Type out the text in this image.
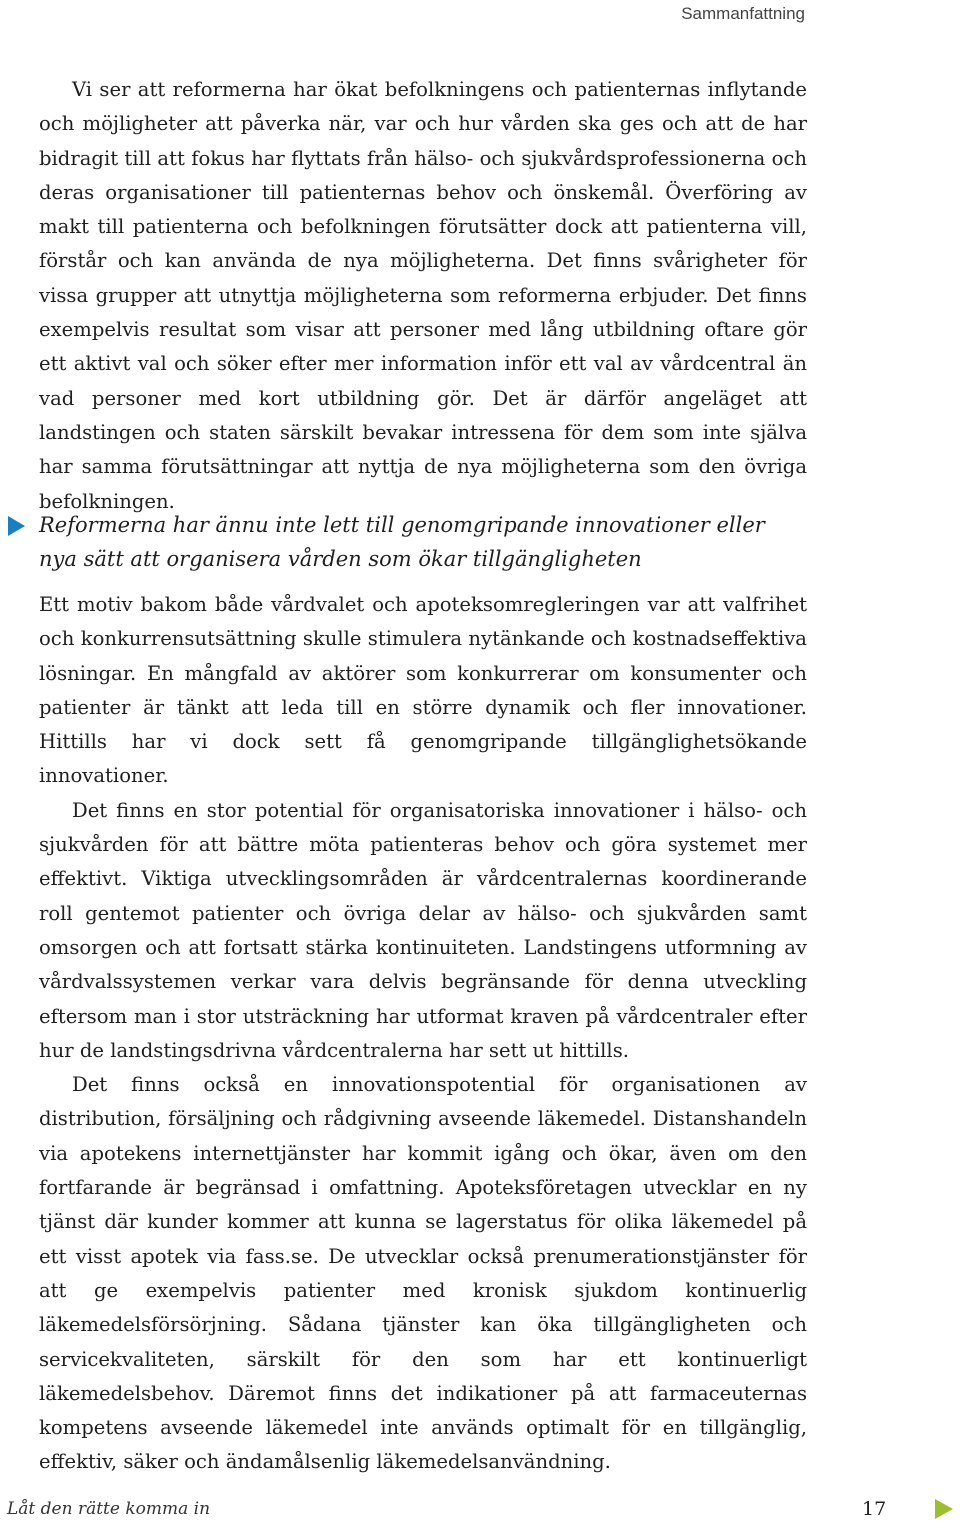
Sammanfattning

Vi ser att reformerna har ökat befolkningens och patienternas inflytande och möjligheter att påverka när, var och hur vården ska ges och att de har bidragit till att fokus har flyttats från hälso- och sjukvårdsprofessionerna och deras organisationer till patienternas behov och önskemål. Överföring av makt till patienterna och befolkningen förutsätter dock att patienterna vill, förstår och kan använda de nya möjligheterna. Det finns svårigheter för vissa grupper att utnyttja möjligheterna som reformerna erbjuder. Det finns exempelvis resultat som visar att personer med lång utbildning oftare gör ett aktivt val och söker efter mer information inför ett val av vårdcentral än vad personer med kort utbildning gör. Det är därför angeläget att landstingen och staten särskilt bevakar intressena för dem som inte själva har samma förutsättningar att nyttja de nya möjligheterna som den övriga befolkningen.

Reformerna har ännu inte lett till genomgripande innovationer eller nya sätt att organisera vården som ökar tillgängligheten

Ett motiv bakom både vårdvalet och apoteksomregleringen var att valfrihet och konkurrensutsättning skulle stimulera nytänkande och kostnadseffektiva lösningar. En mångfald av aktörer som konkurrerar om konsumenter och patienter är tänkt att leda till en större dynamik och fler innovationer. Hittills har vi dock sett få genomgripande tillgänglighetsökande innovationer.

Det finns en stor potential för organisatoriska innovationer i hälso- och sjukvården för att bättre möta patienteras behov och göra systemet mer effektivt. Viktiga utvecklingsområden är vårdcentralernas koordinerande roll gentemot patienter och övriga delar av hälso- och sjukvården samt omsorgen och att fortsatt stärka kontinuiteten. Landstingens utformning av vårdvalssystemen verkar vara delvis begränsande för denna utveckling eftersom man i stor utsträckning har utformat kraven på vårdcentraler efter hur de landstingsdrivna vårdcentralerna har sett ut hittills.

Det finns också en innovationspotential för organisationen av distribution, försäljning och rådgivning avseende läkemedel. Distanshandeln via apotekens internettjänster har kommit igång och ökar, även om den fortfarande är begränsad i omfattning. Apoteksföretagen utvecklar en ny tjänst där kunder kommer att kunna se lagerstatus för olika läkemedel på ett visst apotek via fass.se. De utvecklar också prenumerationstjänster för att ge exempelvis patienter med kronisk sjukdom kontinuerlig läkemedelsförsörjning. Sådana tjänster kan öka tillgängligheten och servicekvaliteten, särskilt för den som har ett kontinuerligt läkemedelsbehov. Däremot finns det indikationer på att farmaceuternas kompetens avseende läkemedel inte används optimalt för en tillgänglig, effektiv, säker och ändamålsenlig läkemedelsanvändning.

Låt den rätte komma in	17
